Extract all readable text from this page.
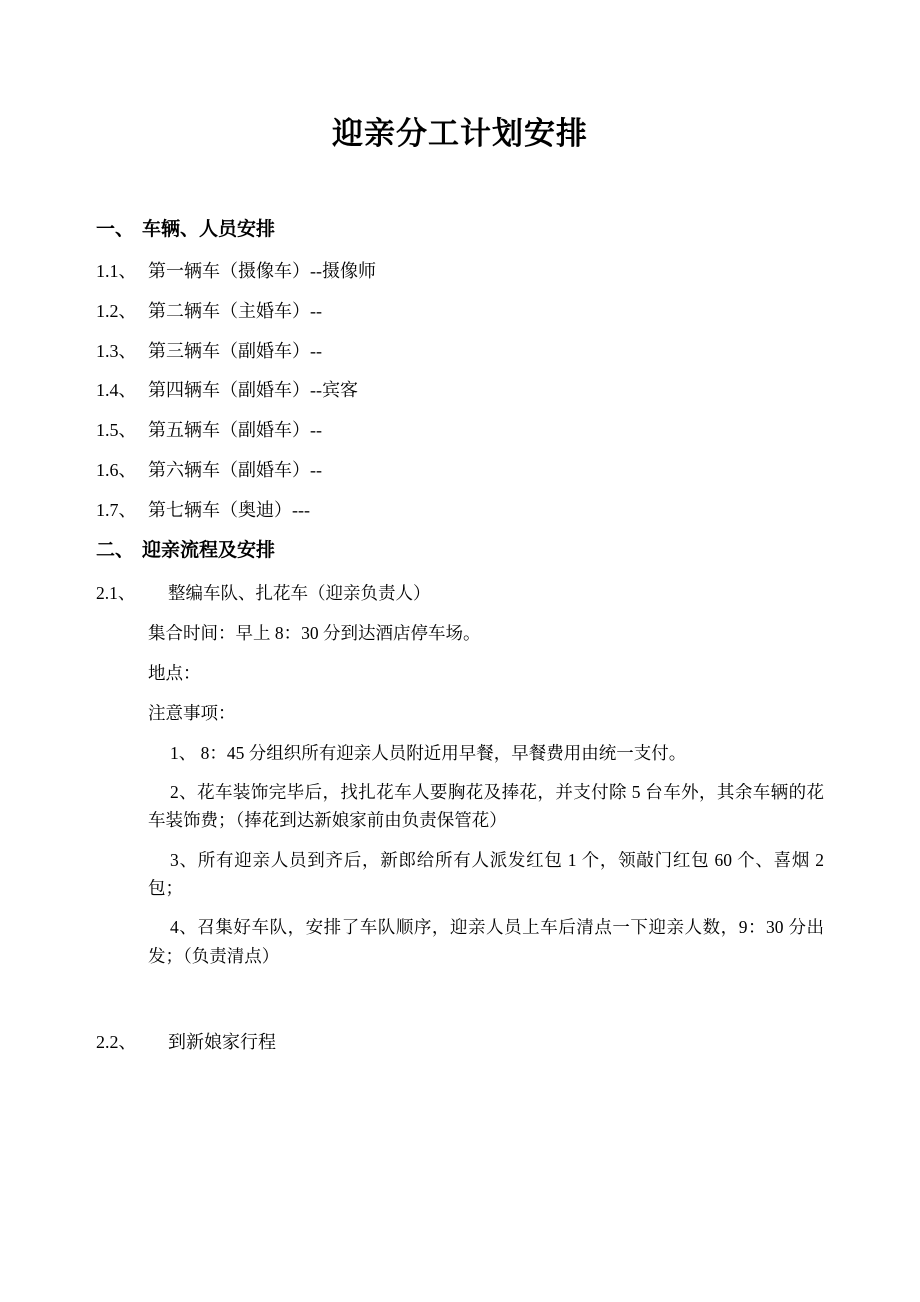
迎亲分工计划安排
一、 车辆、人员安排
1.1、 第一辆车（摄像车）--摄像师
1.2、 第二辆车（主婚车）--
1.3、 第三辆车（副婚车）--
1.4、 第四辆车（副婚车）--宾客
1.5、 第五辆车（副婚车）--
1.6、 第六辆车（副婚车）--
1.7、 第七辆车（奥迪）---
二、 迎亲流程及安排
2.1、 整编车队、扎花车（迎亲负责人）
集合时间：早上 8：30 分到达酒店停车场。
地点：
注意事项：
1、 8：45 分组织所有迎亲人员附近用早餐，早餐费用由统一支付。
2、花车装饰完毕后，找扎花车人要胸花及捧花，并支付除 5 台车外，其余车辆的花车装饰费；（捧花到达新娘家前由负责保管花）
3、所有迎亲人员到齐后，新郎给所有人派发红包 1 个，领敲门红包 60 个、喜烟 2 包；
4、召集好车队，安排了车队顺序，迎亲人员上车后清点一下迎亲人数，9：30 分出发；（负责清点）
2.2、 到新娘家行程
